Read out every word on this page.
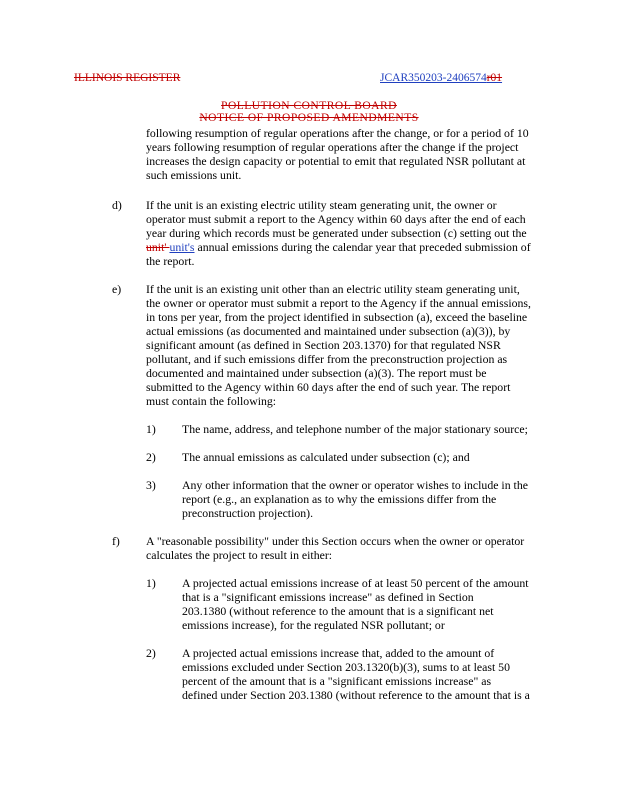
ILLINOIS REGISTER	JCAR350203-2406574r01
POLLUTION CONTROL BOARD
NOTICE OF PROPOSED AMENDMENTS
following resumption of regular operations after the change, or for a period of 10
years following resumption of regular operations after the change if the project
increases the design capacity or potential to emit that regulated NSR pollutant at
such emissions unit.
d) If the unit is an existing electric utility steam generating unit, the owner or
operator must submit a report to the Agency within 60 days after the end of each
year during which records must be generated under subsection (c) setting out the
unit' unit's annual emissions during the calendar year that preceded submission of
the report.
e) If the unit is an existing unit other than an electric utility steam generating unit,
the owner or operator must submit a report to the Agency if the annual emissions,
in tons per year, from the project identified in subsection (a), exceed the baseline
actual emissions (as documented and maintained under subsection (a)(3)), by
significant amount (as defined in Section 203.1370) for that regulated NSR
pollutant, and if such emissions differ from the preconstruction projection as
documented and maintained under subsection (a)(3). The report must be
submitted to the Agency within 60 days after the end of such year. The report
must contain the following:
1) The name, address, and telephone number of the major stationary source;
2) The annual emissions as calculated under subsection (c); and
3) Any other information that the owner or operator wishes to include in the
report (e.g., an explanation as to why the emissions differ from the
preconstruction projection).
f) A "reasonable possibility" under this Section occurs when the owner or operator
calculates the project to result in either:
1) A projected actual emissions increase of at least 50 percent of the amount
that is a "significant emissions increase" as defined in Section
203.1380 (without reference to the amount that is a significant net
emissions increase), for the regulated NSR pollutant; or
2) A projected actual emissions increase that, added to the amount of
emissions excluded under Section 203.1320(b)(3), sums to at least 50
percent of the amount that is a "significant emissions increase" as
defined under Section 203.1380 (without reference to the amount that is a
